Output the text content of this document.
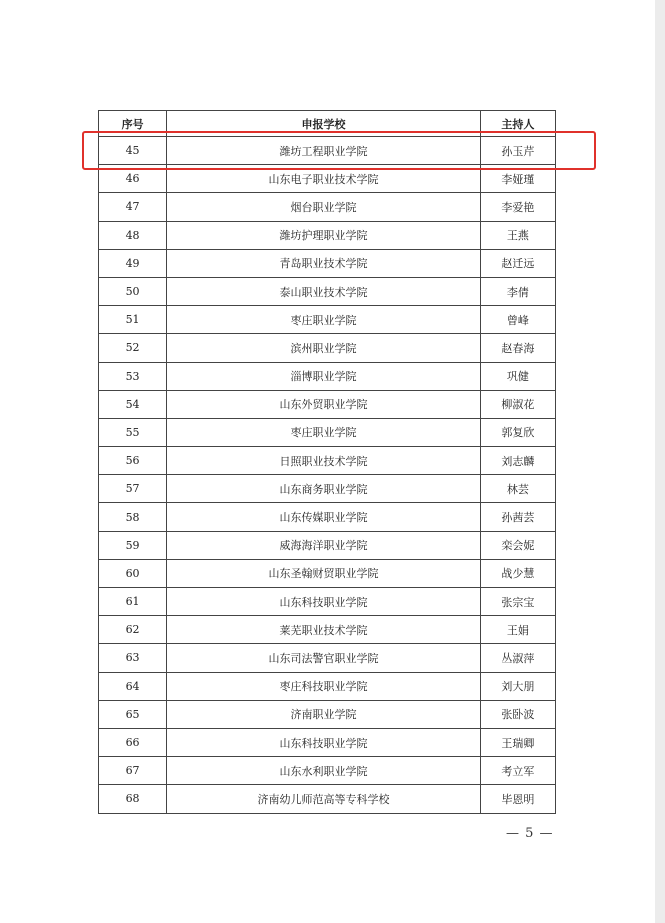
序号	申报学校	主持人
45	潍坊工程职业学院	孙玉芹
46	山东电子职业技术学院	李娅瑾
47	烟台职业学院	李爱艳
48	潍坊护理职业学院	王燕
49	青岛职业技术学院	赵迁远
50	泰山职业技术学院	李倩
51	枣庄职业学院	曾峰
52	滨州职业学院	赵春海
53	淄博职业学院	巩健
54	山东外贸职业学院	柳淑花
55	枣庄职业学院	郭复欣
56	日照职业技术学院	刘志麟
57	山东商务职业学院	林芸
58	山东传媒职业学院	孙茜芸
59	威海海洋职业学院	栾会妮
60	山东圣翰财贸职业学院	战少慧
61	山东科技职业学院	张宗宝
62	莱芜职业技术学院	王娟
63	山东司法警官职业学院	丛淑萍
64	枣庄科技职业学院	刘大朋
65	济南职业学院	张卧波
66	山东科技职业学院	王瑞卿
67	山东水利职业学院	考立军
68	济南幼儿师范高等专科学校	毕恩明
— 5 —
